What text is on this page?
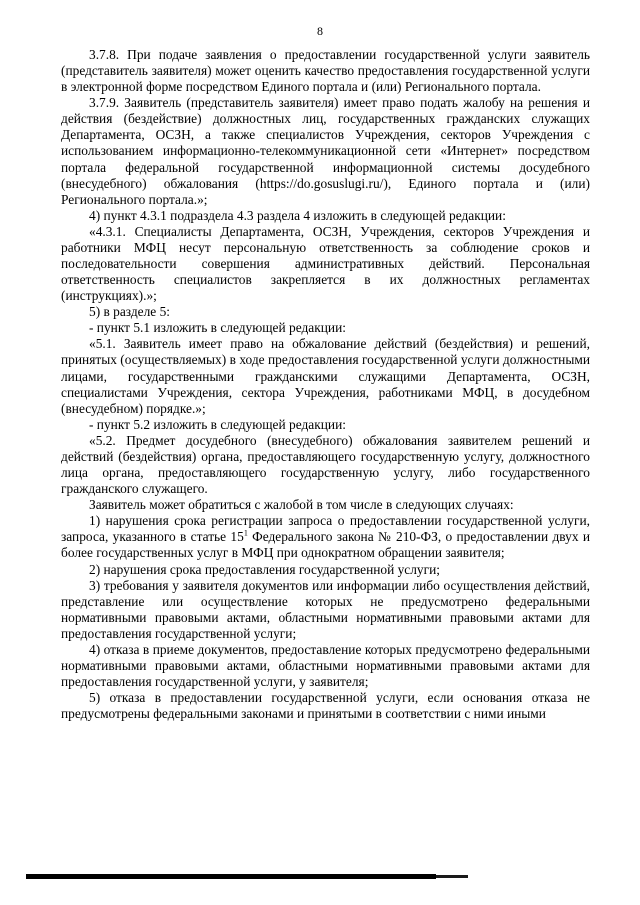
8

3.7.8. При подаче заявления о предоставлении государственной услуги заявитель (представитель заявителя) может оценить качество предоставления государственной услуги в электронной форме посредством Единого портала и (или) Регионального портала.

3.7.9. Заявитель (представитель заявителя) имеет право подать жалобу на решения и действия (бездействие) должностных лиц, государственных гражданских служащих Департамента, ОСЗН, а также специалистов Учреждения, секторов Учреждения с использованием информационно-телекоммуникационной сети «Интернет» посредством портала федеральной государственной информационной системы досудебного (внесудебного) обжалования (https://do.gosuslugi.ru/), Единого портала и (или) Регионального портала.»;

4) пункт 4.3.1 подраздела 4.3 раздела 4 изложить в следующей редакции:

«4.3.1. Специалисты Департамента, ОСЗН, Учреждения, секторов Учреждения и работники МФЦ несут персональную ответственность за соблюдение сроков и последовательности совершения административных действий. Персональная ответственность специалистов закрепляется в их должностных регламентах (инструкциях).»;

5) в разделе 5:

- пункт 5.1 изложить в следующей редакции:

«5.1. Заявитель имеет право на обжалование действий (бездействия) и решений, принятых (осуществляемых) в ходе предоставления государственной услуги должностными лицами, государственными гражданскими служащими Департамента, ОСЗН, специалистами Учреждения, сектора Учреждения, работниками МФЦ, в досудебном (внесудебном) порядке.»;

- пункт 5.2 изложить в следующей редакции:

«5.2. Предмет досудебного (внесудебного) обжалования заявителем решений и действий (бездействия) органа, предоставляющего государственную услугу, должностного лица органа, предоставляющего государственную услугу, либо государственного гражданского служащего.

Заявитель может обратиться с жалобой в том числе в следующих случаях:

1) нарушения срока регистрации запроса о предоставлении государственной услуги, запроса, указанного в статье $15^1$ Федерального закона № 210-ФЗ, о предоставлении двух и более государственных услуг в МФЦ при однократном обращении заявителя;

2) нарушения срока предоставления государственной услуги;

3) требования у заявителя документов или информации либо осуществления действий, представление или осуществление которых не предусмотрено федеральными нормативными правовыми актами, областными нормативными правовыми актами для предоставления государственной услуги;

4) отказа в приеме документов, предоставление которых предусмотрено федеральными нормативными правовыми актами, областными нормативными правовыми актами для предоставления государственной услуги, у заявителя;

5) отказа в предоставлении государственной услуги, если основания отказа не предусмотрены федеральными законами и принятыми в соответствии с ними иными
